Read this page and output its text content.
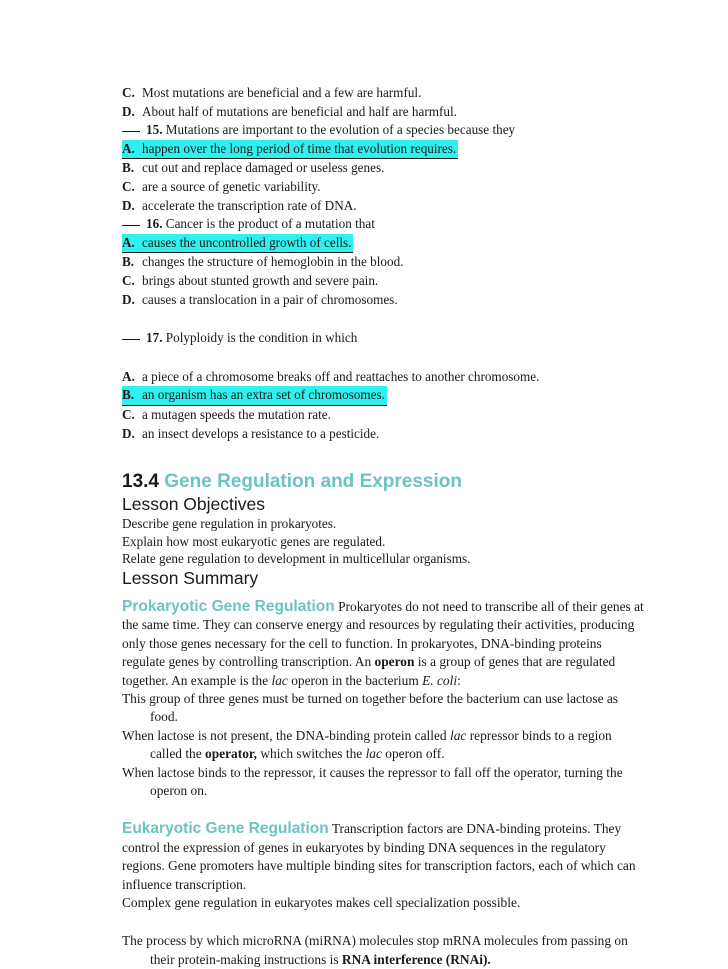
C. Most mutations are beneficial and a few are harmful.
D. About half of mutations are beneficial and half are harmful.
15. Mutations are important to the evolution of a species because they
A. happen over the long period of time that evolution requires.
B. cut out and replace damaged or useless genes.
C. are a source of genetic variability.
D. accelerate the transcription rate of DNA.
16. Cancer is the product of a mutation that
A. causes the uncontrolled growth of cells.
B. changes the structure of hemoglobin in the blood.
C. brings about stunted growth and severe pain.
D. causes a translocation in a pair of chromosomes.
17. Polyploidy is the condition in which
A. a piece of a chromosome breaks off and reattaches to another chromosome.
B. an organism has an extra set of chromosomes.
C. a mutagen speeds the mutation rate.
D. an insect develops a resistance to a pesticide.
13.4 Gene Regulation and Expression
Lesson Objectives
Describe gene regulation in prokaryotes.
Explain how most eukaryotic genes are regulated.
Relate gene regulation to development in multicellular organisms.
Lesson Summary
Prokaryotic Gene Regulation Prokaryotes do not need to transcribe all of their genes at the same time. They can conserve energy and resources by regulating their activities, producing only those genes necessary for the cell to function. In prokaryotes, DNA-binding proteins regulate genes by controlling transcription. An operon is a group of genes that are regulated together. An example is the lac operon in the bacterium E. coli:
This group of three genes must be turned on together before the bacterium can use lactose as food.
When lactose is not present, the DNA-binding protein called lac repressor binds to a region called the operator, which switches the lac operon off.
When lactose binds to the repressor, it causes the repressor to fall off the operator, turning the operon on.
Eukaryotic Gene Regulation Transcription factors are DNA-binding proteins. They control the expression of genes in eukaryotes by binding DNA sequences in the regulatory regions. Gene promoters have multiple binding sites for transcription factors, each of which can influence transcription.
Complex gene regulation in eukaryotes makes cell specialization possible.
The process by which microRNA (miRNA) molecules stop mRNA molecules from passing on their protein-making instructions is RNA interference (RNAi).
